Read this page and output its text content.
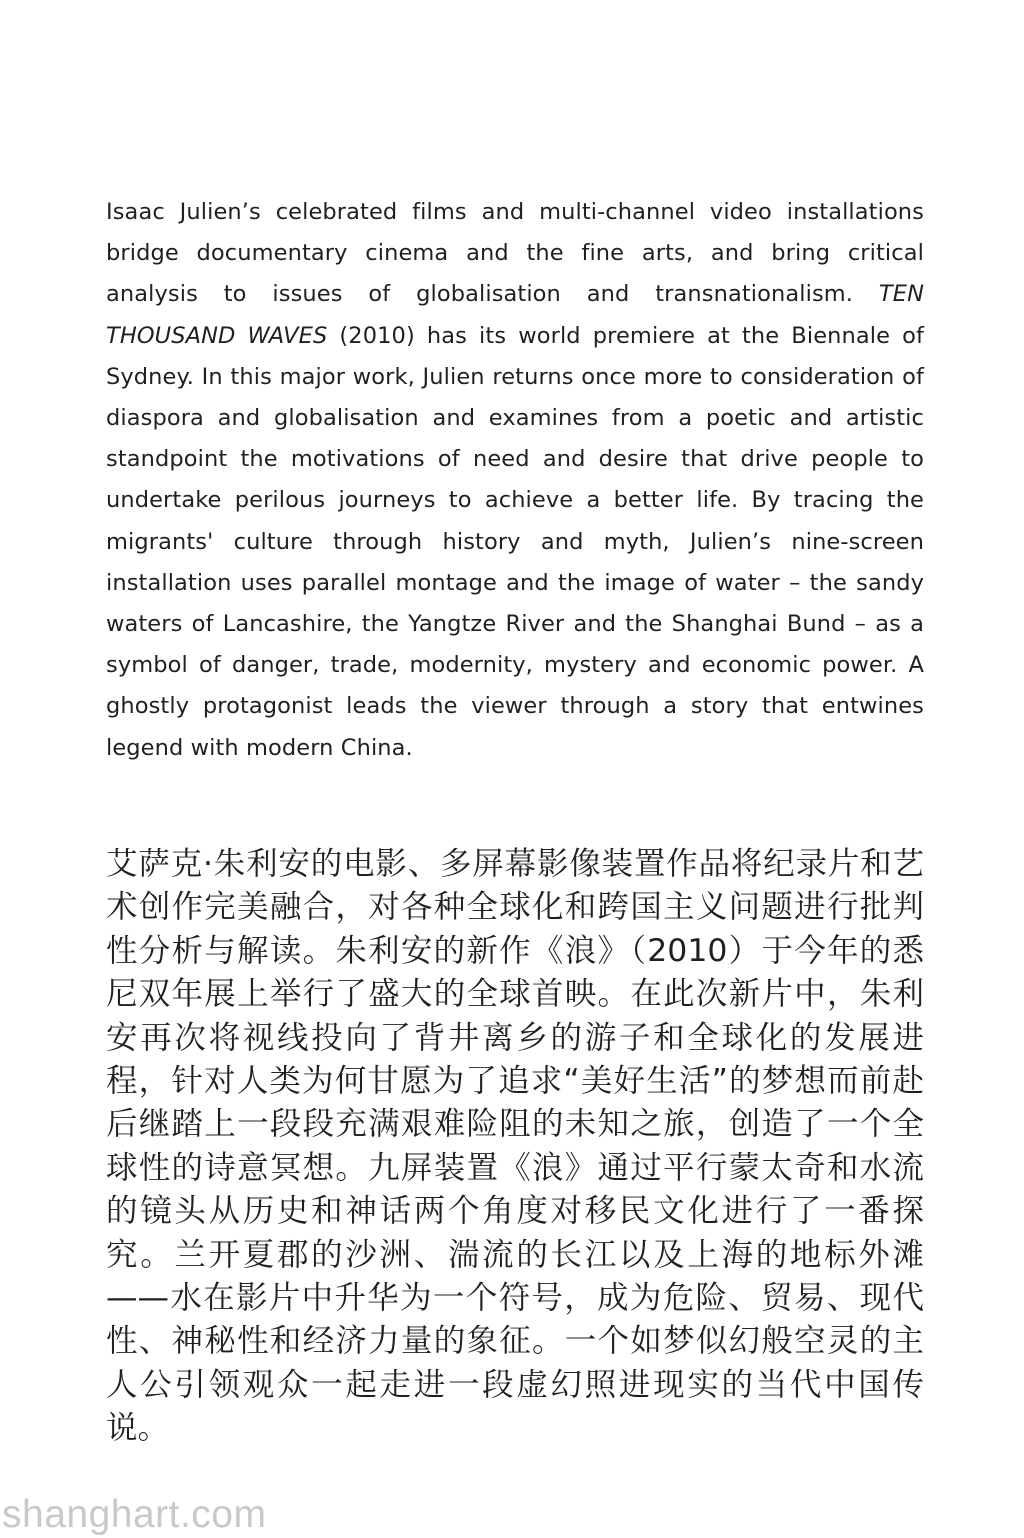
Isaac Julien’s celebrated films and multi-channel video installations bridge documentary cinema and the fine arts, and bring critical analysis to issues of globalisation and transnationalism. TEN THOUSAND WAVES (2010) has its world premiere at the Biennale of Sydney. In this major work, Julien returns once more to consideration of diaspora and globalisation and examines from a poetic and artistic standpoint the motivations of need and desire that drive people to undertake perilous journeys to achieve a better life. By tracing the migrants' culture through history and myth, Julien’s nine-screen installation uses parallel montage and the image of water – the sandy waters of Lancashire, the Yangtze River and the Shanghai Bund – as a symbol of danger, trade, modernity, mystery and economic power. A ghostly protagonist leads the viewer through a story that entwines legend with modern China.

艾萨克·朱利安的电影、多屏幕影像装置作品将纪录片和艺术创作完美融合，对各种全球化和跨国主义问题进行批判性分析与解读。朱利安的新作《浪》（2010）于今年的悉尼双年展上举行了盛大的全球首映。在此次新片中，朱利安再次将视线投向了背井离乡的游子和全球化的发展进程，针对人类为何甘愿为了追求“美好生活”的梦想而前赴后继踏上一段段充满艰难险阻的未知之旅，创造了一个全球性的诗意冥想。九屏装置《浪》通过平行蒙太奇和水流的镜头从历史和神话两个角度对移民文化进行了一番探究。兰开夏郡的沙洲、湍流的长江以及上海的地标外滩——水在影片中升华为一个符号，成为危险、贸易、现代性、神秘性和经济力量的象征。一个如梦似幻般空灵的主人公引领观众一起走进一段虚幻照进现实的当代中国传说。

shanghart.com
